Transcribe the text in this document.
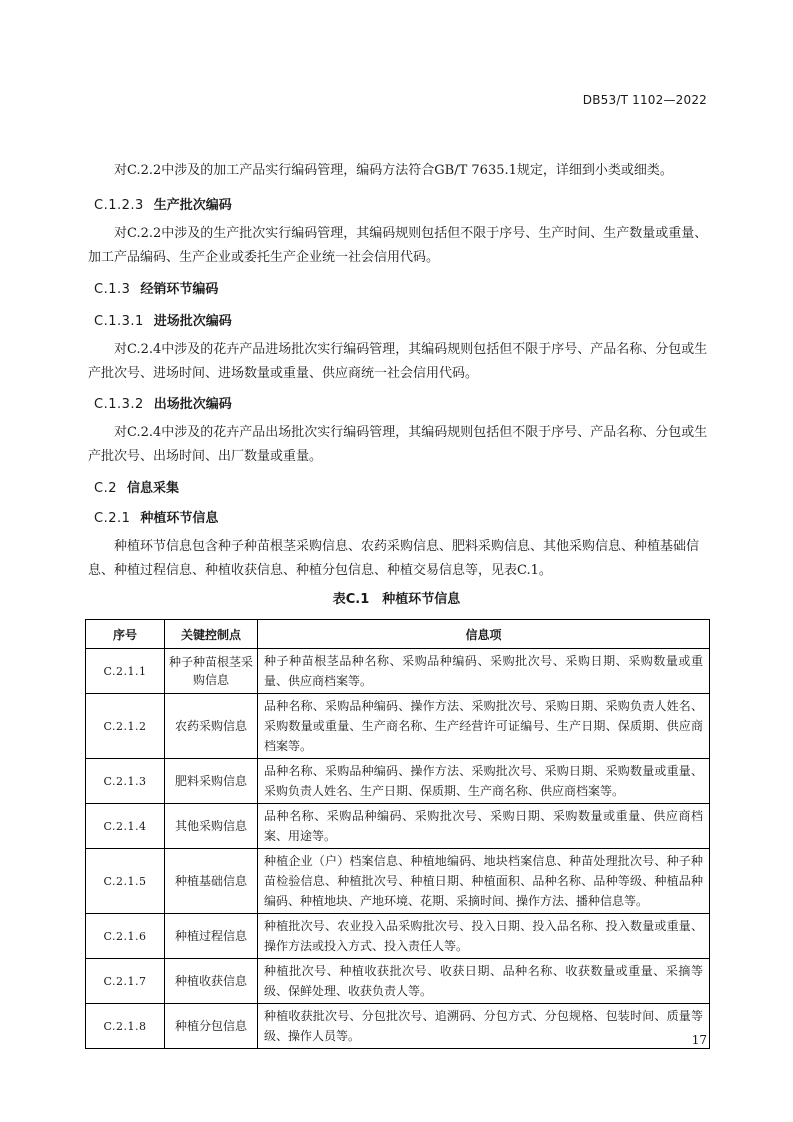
DB53/T 1102—2022

对C.2.2中涉及的加工产品实行编码管理，编码方法符合GB/T 7635.1规定，详细到小类或细类。

C.1.2.3 生产批次编码

对C.2.2中涉及的生产批次实行编码管理，其编码规则包括但不限于序号、生产时间、生产数量或重量、加工产品编码、生产企业或委托生产企业统一社会信用代码。

C.1.3 经销环节编码
C.1.3.1 进场批次编码

对C.2.4中涉及的花卉产品进场批次实行编码管理，其编码规则包括但不限于序号、产品名称、分包或生产批次号、进场时间、进场数量或重量、供应商统一社会信用代码。

C.1.3.2 出场批次编码

对C.2.4中涉及的花卉产品出场批次实行编码管理，其编码规则包括但不限于序号、产品名称、分包或生产批次号、出场时间、出厂数量或重量。

C.2 信息采集
C.2.1 种植环节信息

种植环节信息包含种子种苗根茎采购信息、农药采购信息、肥料采购信息、其他采购信息、种植基础信息、种植过程信息、种植收获信息、种植分包信息、种植交易信息等，见表C.1。

表C.1　种植环节信息
序号	关键控制点	信息项
C.2.1.1	种子种苗根茎采购信息	种子种苗根茎品种名称、采购品种编码、采购批次号、采购日期、采购数量或重量、供应商档案等。
C.2.1.2	农药采购信息	品种名称、采购品种编码、操作方法、采购批次号、采购日期、采购负责人姓名、采购数量或重量、生产商名称、生产经营许可证编号、生产日期、保质期、供应商档案等。
C.2.1.3	肥料采购信息	品种名称、采购品种编码、操作方法、采购批次号、采购日期、采购数量或重量、采购负责人姓名、生产日期、保质期、生产商名称、供应商档案等。
C.2.1.4	其他采购信息	品种名称、采购品种编码、采购批次号、采购日期、采购数量或重量、供应商档案、用途等。
C.2.1.5	种植基础信息	种植企业（户）档案信息、种植地编码、地块档案信息、种苗处理批次号、种子种苗检验信息、种植批次号、种植日期、种植面积、品种名称、品种等级、种植品种编码、种植地块、产地环境、花期、采摘时间、操作方法、播种信息等。
C.2.1.6	种植过程信息	种植批次号、农业投入品采购批次号、投入日期、投入品名称、投入数量或重量、操作方法或投入方式、投入责任人等。
C.2.1.7	种植收获信息	种植批次号、种植收获批次号、收获日期、品种名称、收获数量或重量、采摘等级、保鲜处理、收获负责人等。
C.2.1.8	种植分包信息	种植收获批次号、分包批次号、追溯码、分包方式、分包规格、包装时间、质量等级、操作人员等。	17
